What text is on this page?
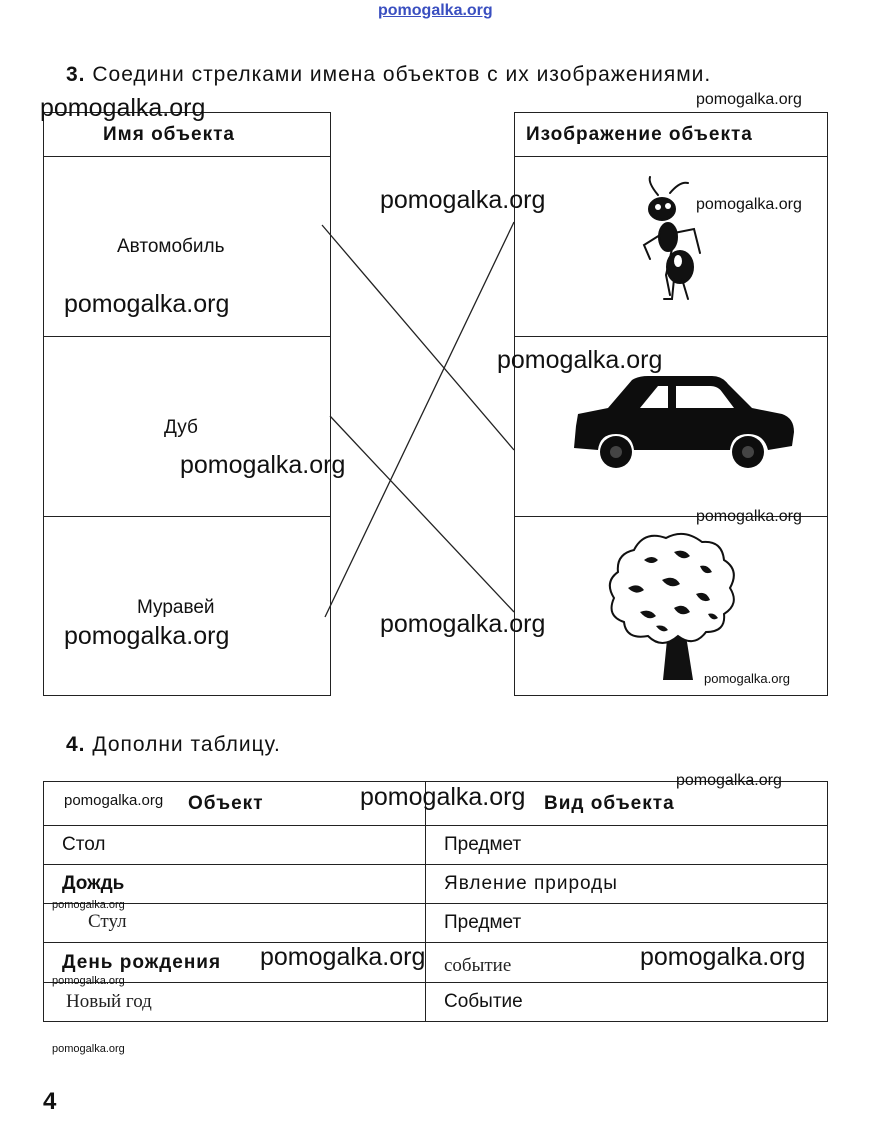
pomogalka.org
3. Соедини стрелками имена объектов с их изображениями.
Имя объекта
Автомобиль
Дуб
Муравей
Изображение объекта
4. Дополни таблицу.
Объект	Вид объекта
Стол	Предмет
Дождь	Явление природы
Стул	Предмет
День рождения	событие
Новый год	Событие
4
pomogalka.org	pomogalka.org
pomogalka.org	pomogalka.org
pomogalka.org
pomogalka.org
pomogalka.org
pomogalka.org
pomogalka.org
pomogalka.org
pomogalka.org
pomogalka.org
pomogalka.org	pomogalka.org
pomogalka.org
pomogalka.org	pomogalka.org
pomogalka.org
pomogalka.org
